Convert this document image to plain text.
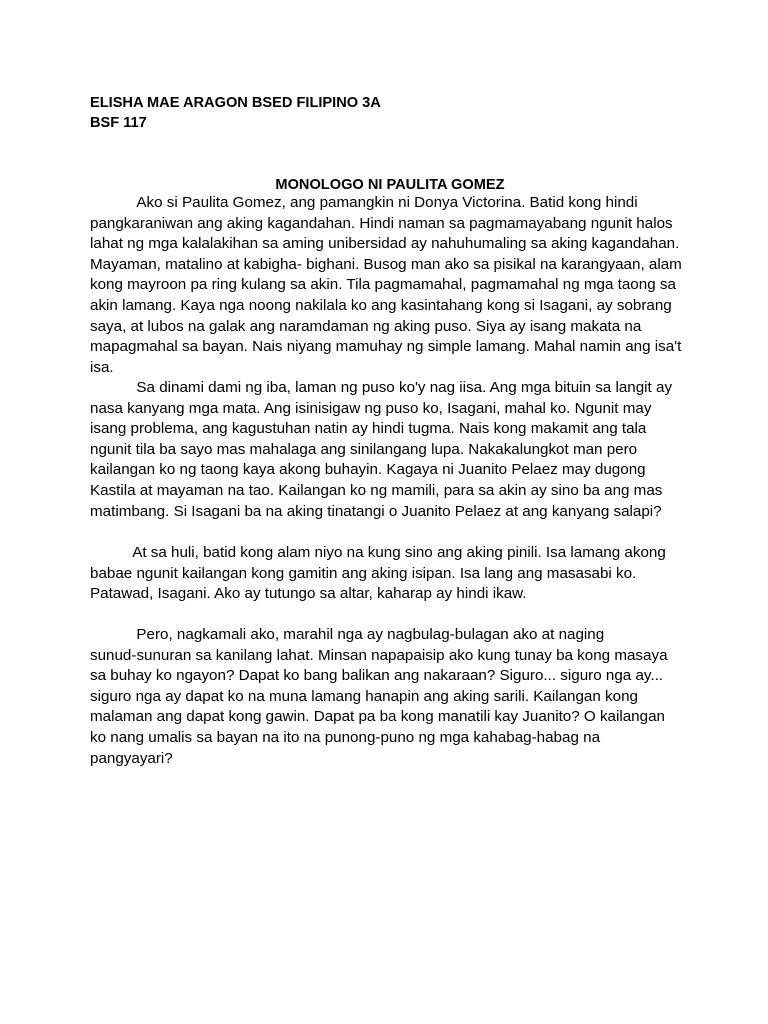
ELISHA MAE ARAGON BSED FILIPINO 3A
BSF 117
MONOLOGO NI PAULITA GOMEZ
Ako si Paulita Gomez, ang pamangkin ni Donya Victorina. Batid kong hindi
pangkaraniwan ang aking kagandahan. Hindi naman sa pagmamayabang ngunit halos
lahat ng mga kalalakihan sa aming unibersidad ay nahuhumaling sa aking kagandahan.
Mayaman, matalino at kabigha- bighani. Busog man ako sa pisikal na karangyaan, alam
kong mayroon pa ring kulang sa akin. Tila pagmamahal, pagmamahal ng mga taong sa
akin lamang. Kaya nga noong nakilala ko ang kasintahang kong si Isagani, ay sobrang
saya, at lubos na galak ang naramdaman ng aking puso. Siya ay isang makata na
mapagmahal sa bayan. Nais niyang mamuhay ng simple lamang. Mahal namin ang isa't
isa.
Sa dinami dami ng iba, laman ng puso ko'y nag iisa. Ang mga bituin sa langit ay
nasa kanyang mga mata. Ang isinisigaw ng puso ko, Isagani, mahal ko. Ngunit may
isang problema, ang kagustuhan natin ay hindi tugma. Nais kong makamit ang tala
ngunit tila ba sayo mas mahalaga ang sinilangang lupa. Nakakalungkot man pero
kailangan ko ng taong kaya akong buhayin. Kagaya ni Juanito Pelaez may dugong
Kastila at mayaman na tao. Kailangan ko ng mamili, para sa akin ay sino ba ang mas
matimbang. Si Isagani ba na aking tinatangi o Juanito Pelaez at ang kanyang salapi?
At sa huli, batid kong alam niyo na kung sino ang aking pinili. Isa lamang akong
babae ngunit kailangan kong gamitin ang aking isipan. Isa lang ang masasabi ko.
Patawad, Isagani. Ako ay tutungo sa altar, kaharap ay hindi ikaw.
Pero, nagkamali ako, marahil nga ay nagbulag-bulagan ako at naging
sunud-sunuran sa kanilang lahat. Minsan napapaisip ako kung tunay ba kong masaya
sa buhay ko ngayon? Dapat ko bang balikan ang nakaraan? Siguro... siguro nga ay...
siguro nga ay dapat ko na muna lamang hanapin ang aking sarili. Kailangan kong
malaman ang dapat kong gawin. Dapat pa ba kong manatili kay Juanito? O kailangan
ko nang umalis sa bayan na ito na punong-puno ng mga kahabag-habag na
pangyayari?
